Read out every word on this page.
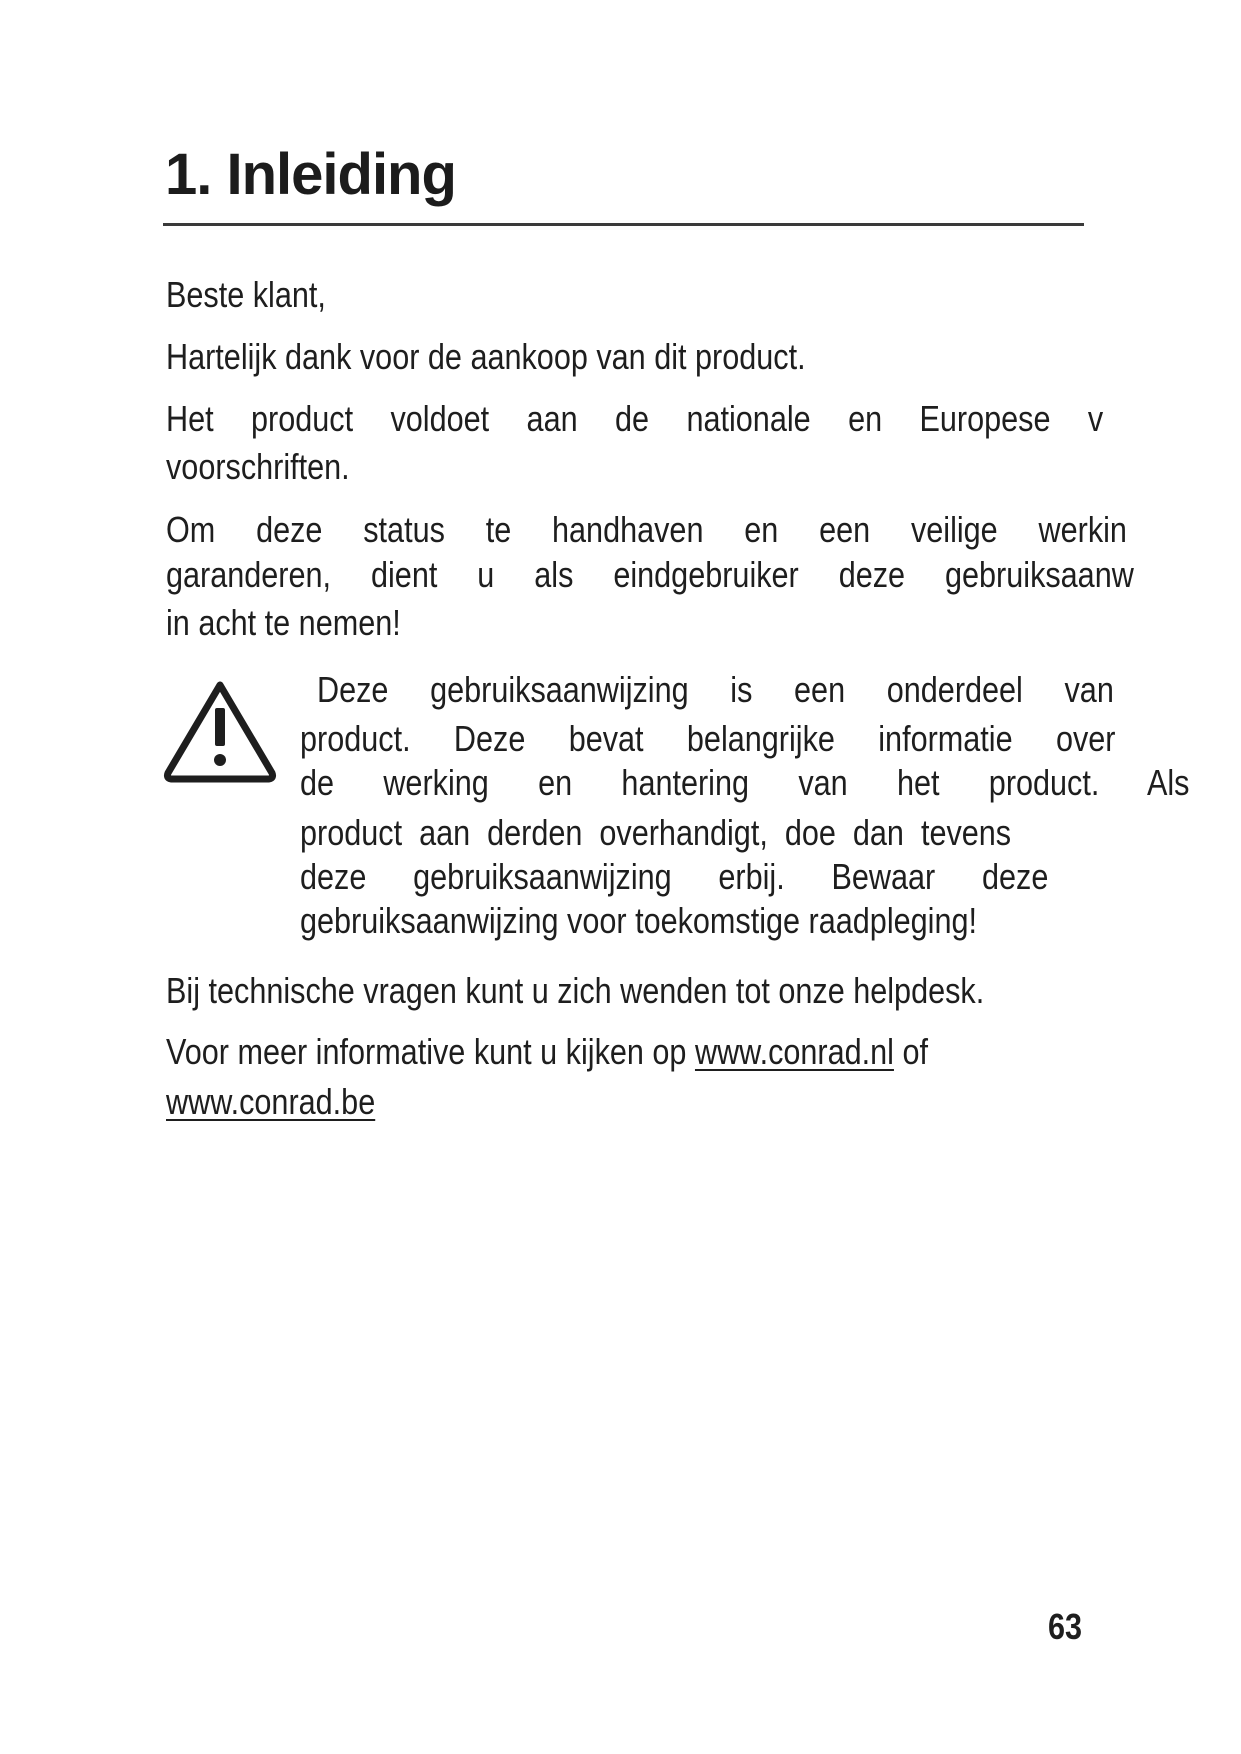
1. Inleiding

Beste klant,

Hartelijk dank voor de aankoop van dit product.

Het product voldoet aan de nationale en Europese v

voorschriften.

Om deze status te handhaven en een veilige werkin

garanderen, dient u als eindgebruiker deze gebruiksaanw

in acht te nemen!

Deze gebruiksaanwijzing is een onderdeel van

product. Deze bevat belangrijke informatie over

de werking en hantering van het product. Als

product aan derden overhandigt, doe dan tevens

deze gebruiksaanwijzing erbij. Bewaar deze

gebruiksaanwijzing voor toekomstige raadpleging!

Bij technische vragen kunt u zich wenden tot onze helpdesk.

Voor meer informative kunt u kijken op www.conrad.nl of

www.conrad.be

63
